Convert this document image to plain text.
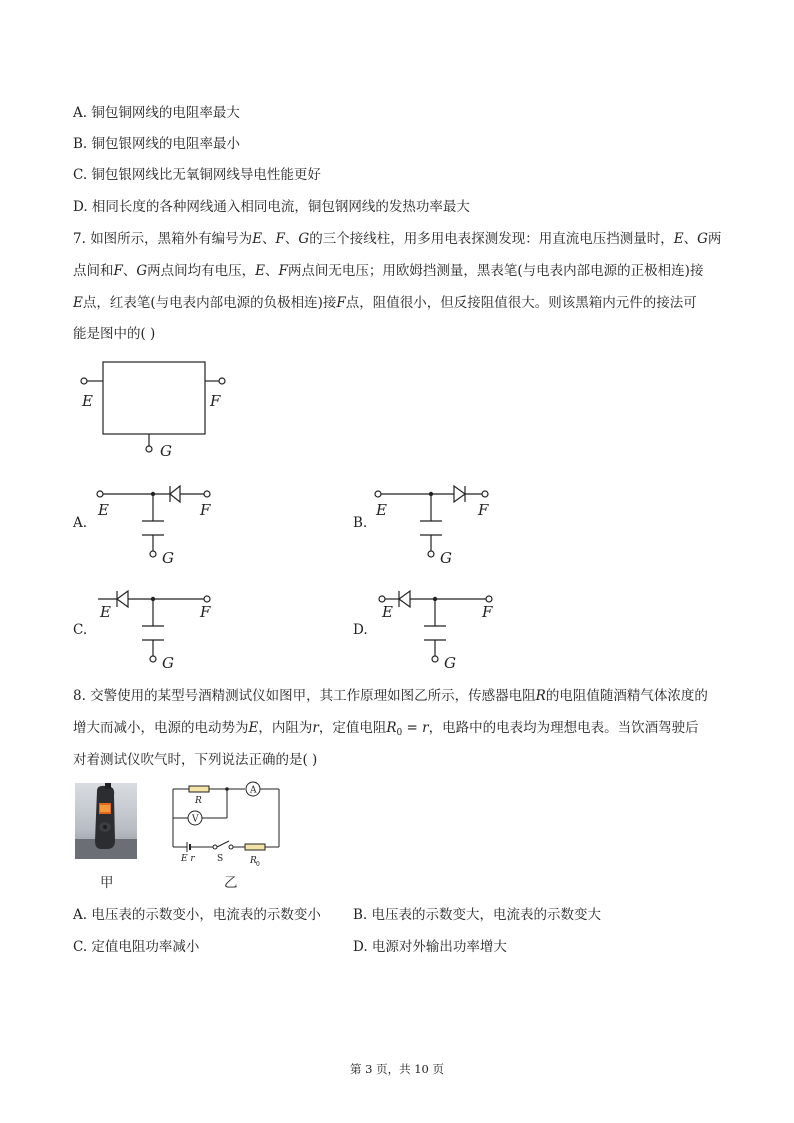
A. 铜包铜网线的电阻率最大
B. 铜包银网线的电阻率最小
C. 铜包银网线比无氧铜网线导电性能更好
D. 相同长度的各种网线通入相同电流，铜包钢网线的发热功率最大
7. 如图所示，黑箱外有编号为E、F、G的三个接线柱，用多用电表探测发现：用直流电压挡测量时，E、G两
点间和F、G两点间均有电压，E、F两点间无电压；用欧姆挡测量，黑表笔(与电表内部电源的正极相连)接
E点，红表笔(与电表内部电源的负极相连)接F点，阻值很小，但反接阻值很大。则该黑箱内元件的接法可
能是图中的( )
E	F
G
A.
E	F
G
B.
E	F
G
C.
E	F
G
D.
E	F
G
8. 交警使用的某型号酒精测试仪如图甲，其工作原理如图乙所示，传感器电阻R的电阻值随酒精气体浓度的
增大而减小，电源的电动势为E，内阻为r，定值电阻$R_0 = r$，电路中的电表均为理想电表。当饮酒驾驶后
对着测试仪吹气时，下列说法正确的是( )
甲
R
A
V
E r S	R 0
乙
A. 电压表的示数变小，电流表的示数变小 B. 电压表的示数变大，电流表的示数变大
C. 定值电阻功率减小	D. 电源对外输出功率增大
第 3 页，共 10 页
